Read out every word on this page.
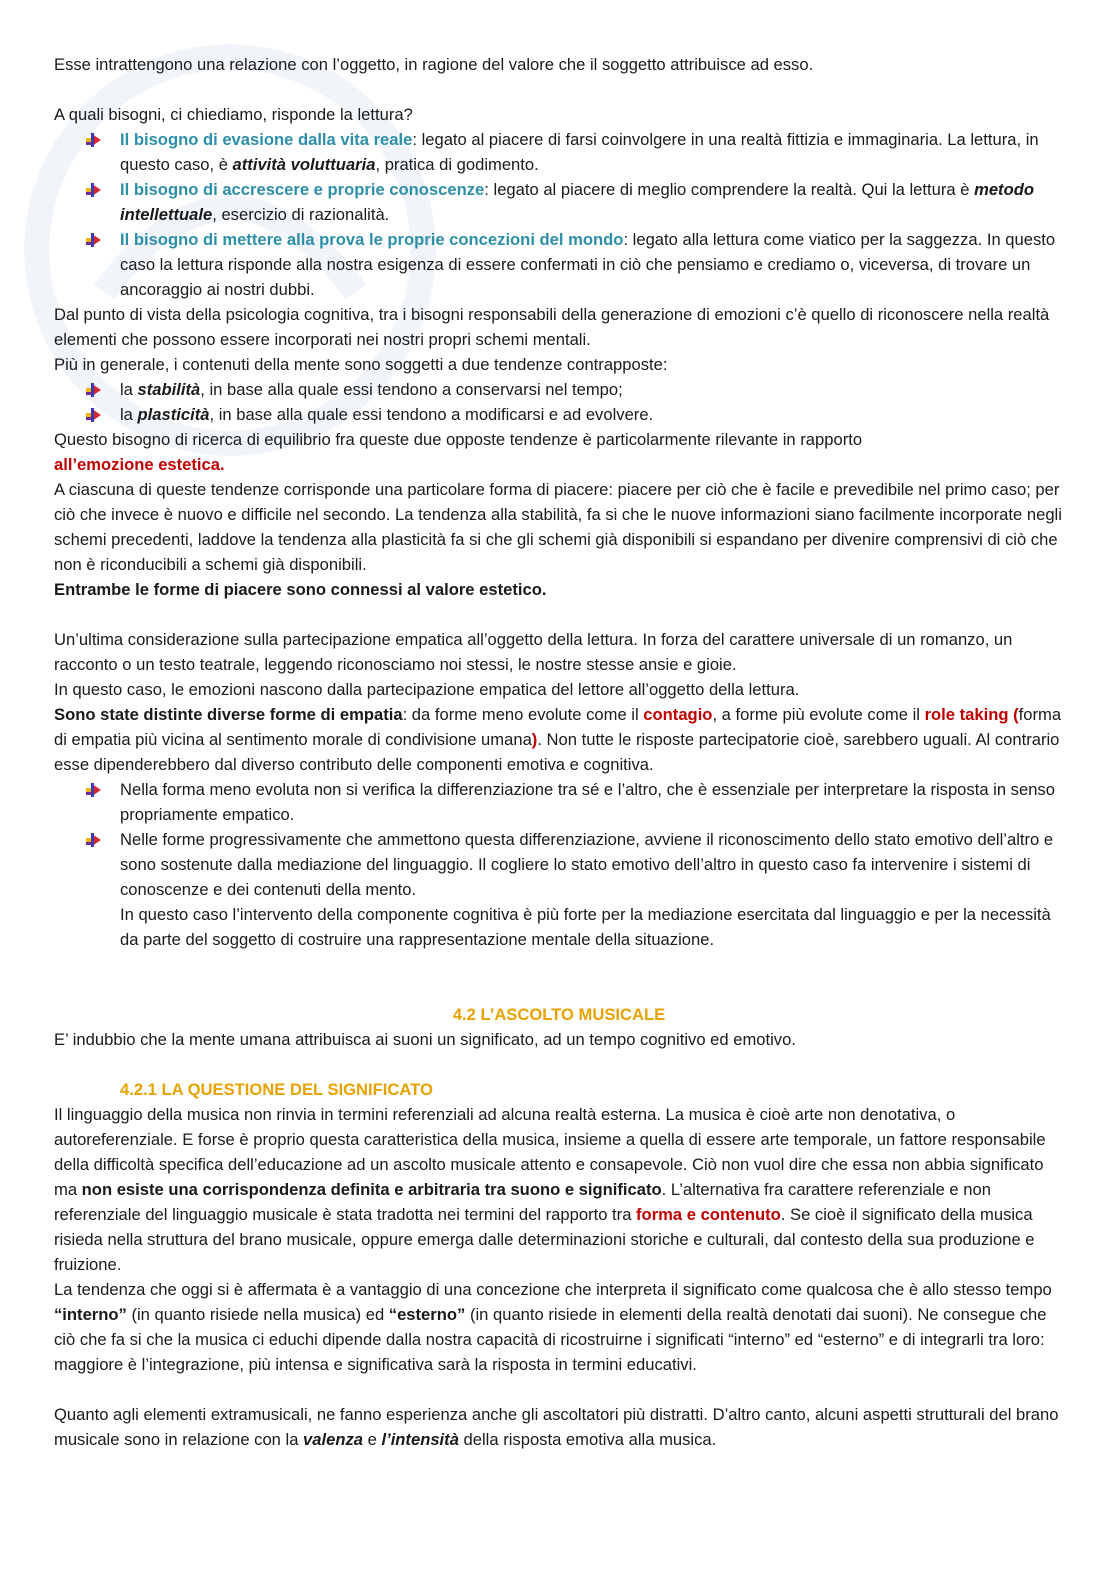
Esse intrattengono una relazione con l’oggetto, in ragione del valore che il soggetto attribuisce ad esso.

A quali bisogni, ci chiediamo, risponde la lettura?

Il bisogno di evasione dalla vita reale: legato al piacere di farsi coinvolgere in una realtà fittizia e immaginaria. La lettura, in questo caso, è attività voluttuaria, pratica di godimento.
Il bisogno di accrescere e proprie conoscenze: legato al piacere di meglio comprendere la realtà. Qui la lettura è metodo intellettuale, esercizio di razionalità.
Il bisogno di mettere alla prova le proprie concezioni del mondo: legato alla lettura come viatico per la saggezza. In questo caso la lettura risponde alla nostra esigenza di essere confermati in ciò che pensiamo e crediamo o, viceversa, di trovare un ancoraggio ai nostri dubbi.

Dal punto di vista della psicologia cognitiva, tra i bisogni responsabili della generazione di emozioni c’è quello di riconoscere nella realtà elementi che possono essere incorporati nei nostri propri schemi mentali.

Più in generale, i contenuti della mente sono soggetti a due tendenze contrapposte:

la stabilità, in base alla quale essi tendono a conservarsi nel tempo;
la plasticità, in base alla quale essi tendono a modificarsi e ad evolvere.

Questo bisogno di ricerca di equilibrio fra queste due opposte tendenze è particolarmente rilevante in rapporto
all’emozione estetica.

A ciascuna di queste tendenze corrisponde una particolare forma di piacere: piacere per ciò che è facile e prevedibile nel primo caso; per ciò che invece è nuovo e difficile nel secondo. La tendenza alla stabilità, fa si che le nuove informazioni siano facilmente incorporate negli schemi precedenti, laddove la tendenza alla plasticità fa si che gli schemi già disponibili si espandano per divenire comprensivi di ciò che non è riconducibili a schemi già disponibili.

Entrambe le forme di piacere sono connessi al valore estetico.

Un’ultima considerazione sulla partecipazione empatica all’oggetto della lettura. In forza del carattere universale di un romanzo, un racconto o un testo teatrale, leggendo riconosciamo noi stessi, le nostre stesse ansie e gioie.

In questo caso, le emozioni nascono dalla partecipazione empatica del lettore all’oggetto della lettura.

Sono state distinte diverse forme di empatia: da forme meno evolute come il contagio, a forme più evolute come il role taking (forma di empatia più vicina al sentimento morale di condivisione umana). Non tutte le risposte partecipatorie cioè, sarebbero uguali. Al contrario esse dipenderebbero dal diverso contributo delle componenti emotiva e cognitiva.

Nella forma meno evoluta non si verifica la differenziazione tra sé e l’altro, che è essenziale per interpretare la risposta in senso propriamente empatico.
Nelle forme progressivamente che ammettono questa differenziazione, avviene il riconoscimento dello stato emotivo dell’altro e sono sostenute dalla mediazione del linguaggio. Il cogliere lo stato emotivo dell’altro in questo caso fa intervenire i sistemi di conoscenze e dei contenuti della mento.

In questo caso l’intervento della componente cognitiva è più forte per la mediazione esercitata dal linguaggio e per la necessità da parte del soggetto di costruire una rappresentazione mentale della situazione.

4.2 L’ASCOLTO MUSICALE

E’ indubbio che la mente umana attribuisca ai suoni un significato, ad un tempo cognitivo ed emotivo.

4.2.1 LA QUESTIONE DEL SIGNIFICATO

Il linguaggio della musica non rinvia in termini referenziali ad alcuna realtà esterna. La musica è cioè arte non denotativa, o autoreferenziale. E forse è proprio questa caratteristica della musica, insieme a quella di essere arte temporale, un fattore responsabile della difficoltà specifica dell’educazione ad un ascolto musicale attento e consapevole. Ciò non vuol dire che essa non abbia significato ma non esiste una corrispondenza definita e arbitraria tra suono e significato. L’alternativa fra carattere referenziale e non referenziale del linguaggio musicale è stata tradotta nei termini del rapporto tra forma e contenuto. Se cioè il significato della musica risieda nella struttura del brano musicale, oppure emerga dalle determinazioni storiche e culturali, dal contesto della sua produzione e fruizione.

La tendenza che oggi si è affermata è a vantaggio di una concezione che interpreta il significato come qualcosa che è allo stesso tempo “interno” (in quanto risiede nella musica) ed “esterno” (in quanto risiede in elementi della realtà denotati dai suoni). Ne consegue che ciò che fa si che la musica ci educhi dipende dalla nostra capacità di ricostruirne i significati “interno” ed “esterno” e di integrarli tra loro: maggiore è l’integrazione, più intensa e significativa sarà la risposta in termini educativi.

Quanto agli elementi extramusicali, ne fanno esperienza anche gli ascoltatori più distratti. D’altro canto, alcuni aspetti strutturali del brano musicale sono in relazione con la valenza e l’intensità della risposta emotiva alla musica.
